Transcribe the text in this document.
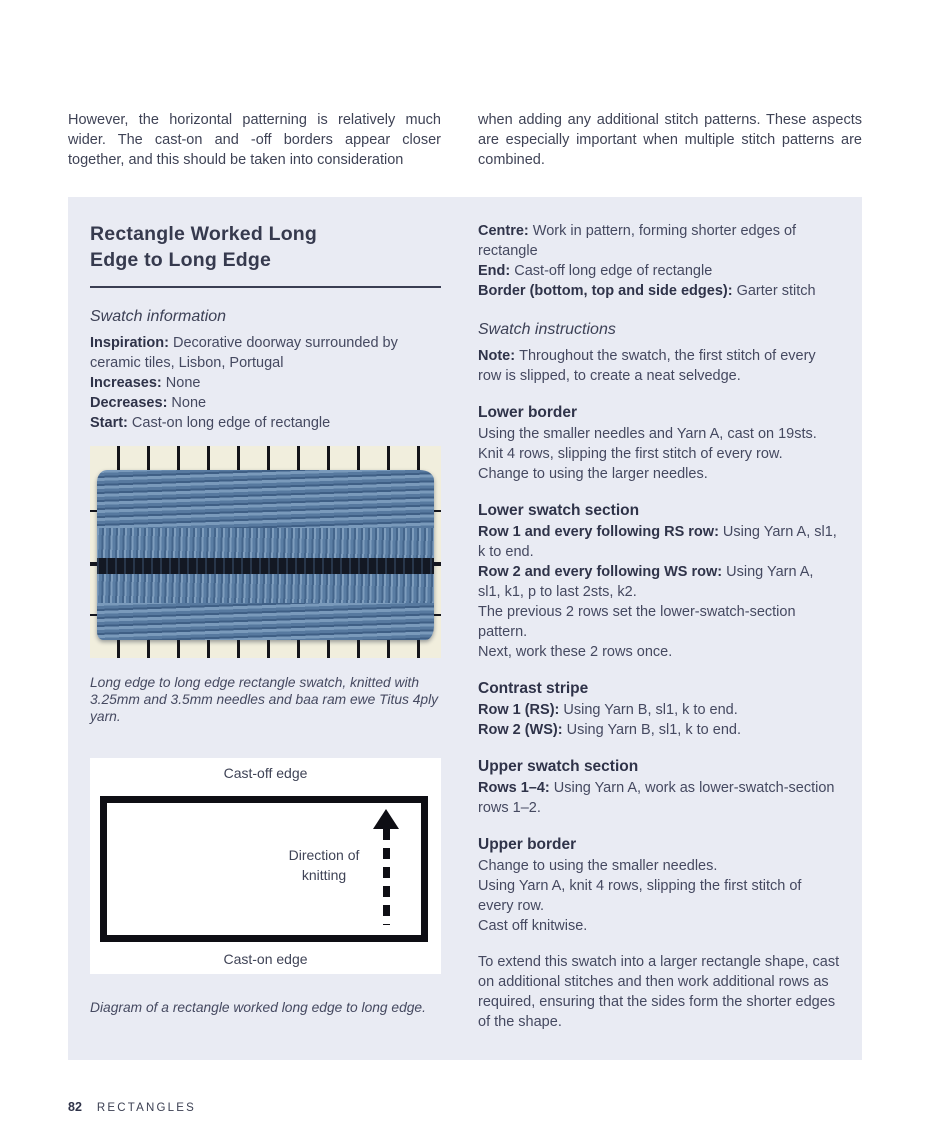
However, the horizontal patterning is relatively much wider. The cast-on and -off borders appear closer together, and this should be taken into consideration

when adding any additional stitch patterns. These aspects are especially important when multiple stitch patterns are combined.

Rectangle Worked Long Edge to Long Edge

Swatch information

Inspiration: Decorative doorway surrounded by ceramic tiles, Lisbon, Portugal

Increases: None

Decreases: None

Start: Cast-on long edge of rectangle

Long edge to long edge rectangle swatch, knitted with 3.25mm and 3.5mm needles and baa ram ewe Titus 4ply yarn.

Cast-off edge
Direction of knitting
Cast-on edge

Diagram of a rectangle worked long edge to long edge.

Centre: Work in pattern, forming shorter edges of rectangle

End: Cast-off long edge of rectangle

Border (bottom, top and side edges): Garter stitch

Swatch instructions

Note: Throughout the swatch, the first stitch of every row is slipped, to create a neat selvedge.

Lower border

Using the smaller needles and Yarn A, cast on 19sts.

Knit 4 rows, slipping the first stitch of every row.

Change to using the larger needles.

Lower swatch section

Row 1 and every following RS row: Using Yarn A, sl1, k to end.

Row 2 and every following WS row: Using Yarn A, sl1, k1, p to last 2sts, k2.

The previous 2 rows set the lower-swatch-section pattern.

Next, work these 2 rows once.

Contrast stripe

Row 1 (RS): Using Yarn B, sl1, k to end.

Row 2 (WS): Using Yarn B, sl1, k to end.

Upper swatch section

Rows 1–4: Using Yarn A, work as lower-swatch-section rows 1–2.

Upper border

Change to using the smaller needles.

Using Yarn A, knit 4 rows, slipping the first stitch of every row.

Cast off knitwise.

To extend this swatch into a larger rectangle shape, cast on additional stitches and then work additional rows as required, ensuring that the sides form the shorter edges of the shape.

82 RECTANGLES
